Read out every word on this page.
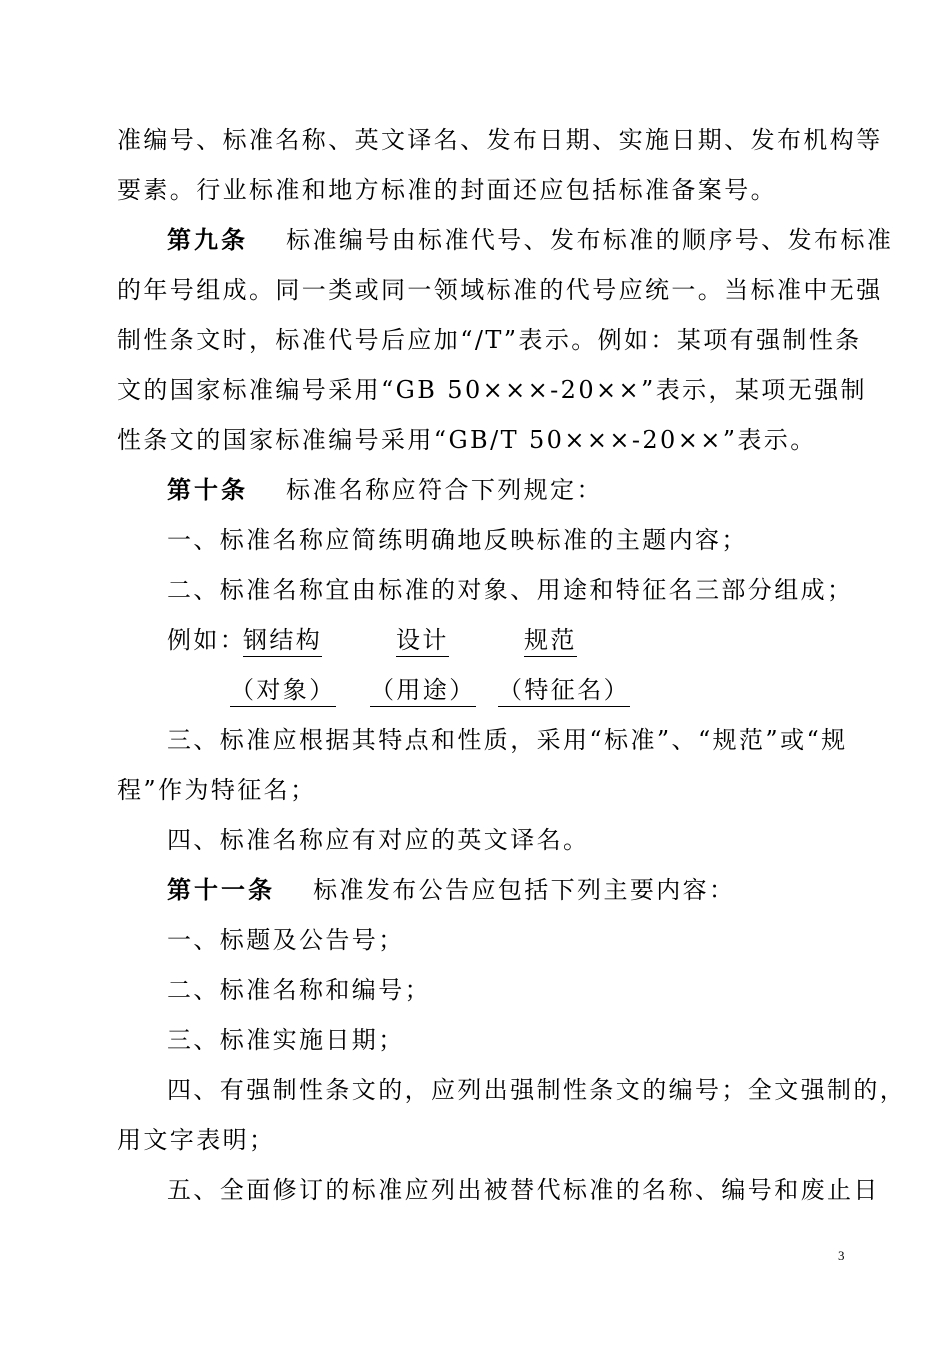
准编号、标准名称、英文译名、发布日期、实施日期、发布机构等
要素。行业标准和地方标准的封面还应包括标准备案号。
第九条 标准编号由标准代号、发布标准的顺序号、发布标准
的年号组成。同一类或同一领域标准的代号应统一。当标准中无强
制性条文时，标准代号后应加“/T”表示。例如：某项有强制性条
文的国家标准编号采用“GB 50×××-20××”表示，某项无强制
性条文的国家标准编号采用“GB/T 50×××-20××”表示。
第十条 标准名称应符合下列规定：
一、标准名称应简练明确地反映标准的主题内容；
二、标准名称宜由标准的对象、用途和特征名三部分组成；
例如：
钢结构	设计	规范
（对象） （用途） （特征名）
三、标准应根据其特点和性质，采用“标准”、“规范”或“规
程”作为特征名；
四、标准名称应有对应的英文译名。
第十一条 标准发布公告应包括下列主要内容：
一、标题及公告号；
二、标准名称和编号；
三、标准实施日期；
四、有强制性条文的，应列出强制性条文的编号；全文强制的，
用文字表明；
五、全面修订的标准应列出被替代标准的名称、编号和废止日
3
